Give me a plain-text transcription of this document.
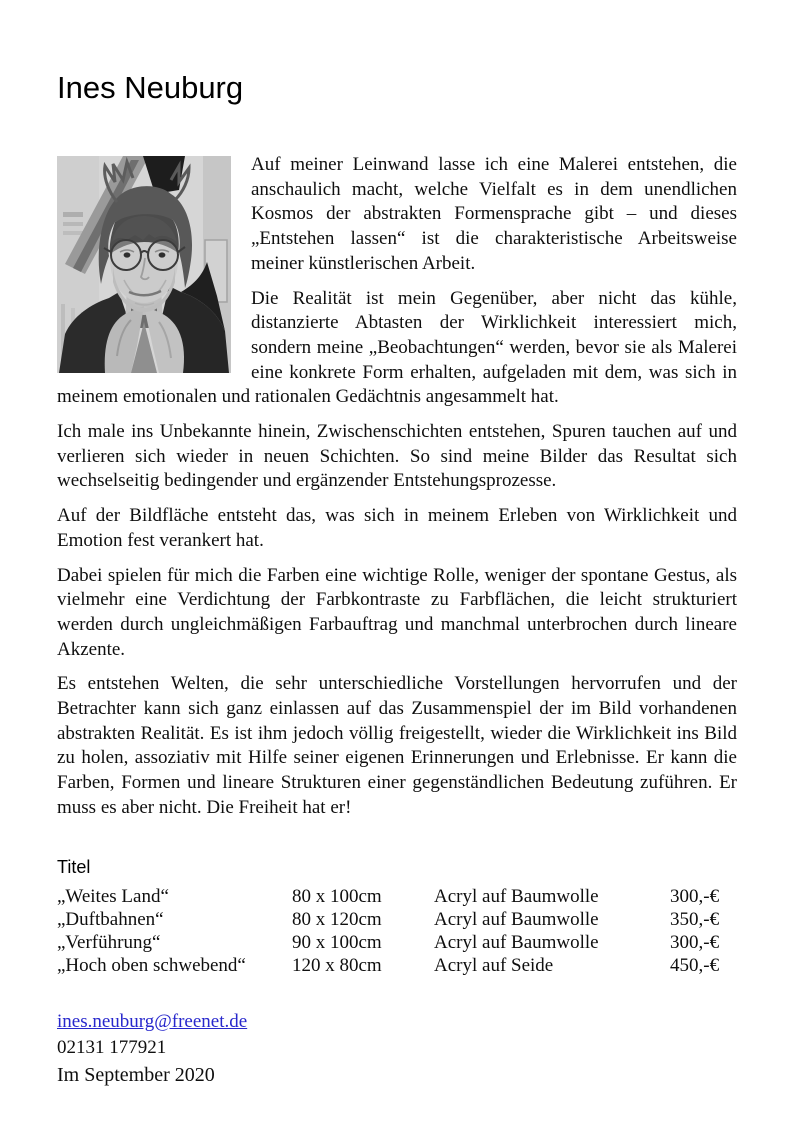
Ines Neuburg

Auf meiner Leinwand lasse ich eine Malerei entstehen, die anschaulich macht, welche Vielfalt es in dem unendlichen Kosmos der abstrakten Formensprache gibt – und dieses „Entstehen lassen“ ist die charakteristische Arbeitsweise meiner künstlerischen Arbeit.

Die Realität ist mein Gegenüber, aber nicht das kühle, distanzierte Abtasten der Wirklichkeit interessiert mich, sondern meine „Beobachtungen“ werden, bevor sie als Malerei eine konkrete Form erhalten, aufgeladen mit dem, was sich in meinem emotionalen und rationalen Gedächtnis angesammelt hat.

Ich male ins Unbekannte hinein, Zwischenschichten entstehen, Spuren tauchen auf und verlieren sich wieder in neuen Schichten. So sind meine Bilder das Resultat sich wechselseitig bedingender und ergänzender Entstehungsprozesse.

Auf der Bildfläche entsteht das, was sich in meinem Erleben von Wirklichkeit und Emotion fest verankert hat.

Dabei spielen für mich die Farben eine wichtige Rolle, weniger der spontane Gestus, als vielmehr eine Verdichtung der Farbkontraste zu Farbflächen, die leicht strukturiert werden durch ungleichmäßigen Farbauftrag und manchmal unterbrochen durch lineare Akzente.

Es entstehen Welten, die sehr unterschiedliche Vorstellungen hervorrufen und der Betrachter kann sich ganz einlassen auf das Zusammenspiel der im Bild vorhandenen abstrakten Realität. Es ist ihm jedoch völlig freigestellt, wieder die Wirklichkeit ins Bild zu holen, assoziativ mit Hilfe seiner eigenen Erinnerungen und Erlebnisse. Er kann die Farben, Formen und lineare Strukturen einer gegenständlichen Bedeutung zuführen. Er muss es aber nicht. Die Freiheit hat er!

Titel
„Weites Land“	80 x 100cm	Acryl auf Baumwolle	300,-€
„Duftbahnen“	80 x 120cm	Acryl auf Baumwolle	350,-€
„Verführung“	90 x 100cm	Acryl auf Baumwolle	300,-€
„Hoch oben schwebend“	120 x 80cm	Acryl auf Seide	450,-€
ines.neuburg@freenet.de
02131 177921
Im September 2020
